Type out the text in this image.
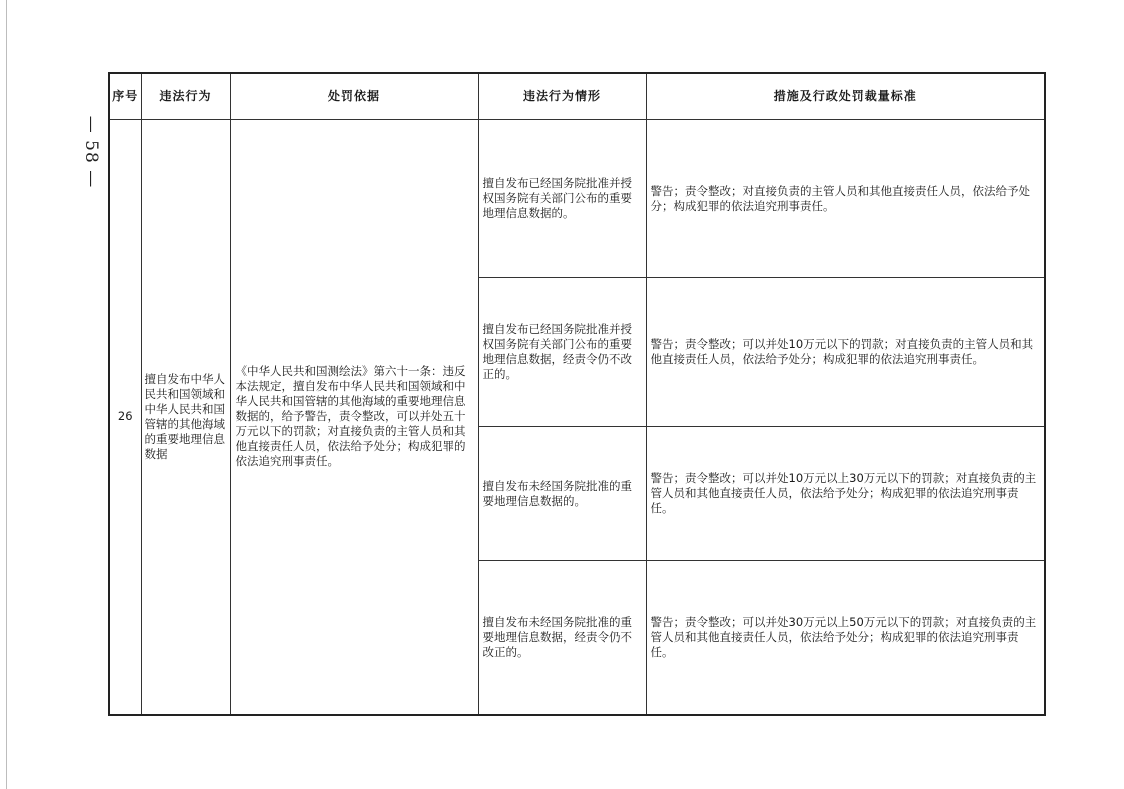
— 58 —
序号	违法行为	处罚依据	违法行为情形	措施及行政处罚裁量标准
26	擅自发布中华人民共和国领域和中华人民共和国管辖的其他海域的重要地理信息数据	《中华人民共和国测绘法》第六十一条：违反本法规定，擅自发布中华人民共和国领域和中华人民共和国管辖的其他海域的重要地理信息数据的，给予警告，责令整改，可以并处五十万元以下的罚款；对直接负责的主管人员和其他直接责任人员，依法给予处分；构成犯罪的依法追究刑事责任。	擅自发布已经国务院批准并授权国务院有关部门公布的重要地理信息数据的。	警告；责令整改；对直接负责的主管人员和其他直接责任人员，依法给予处分；构成犯罪的依法追究刑事责任。
			擅自发布已经国务院批准并授权国务院有关部门公布的重要地理信息数据，经责令仍不改正的。	警告；责令整改；可以并处10万元以下的罚款；对直接负责的主管人员和其他直接责任人员，依法给予处分；构成犯罪的依法追究刑事责任。
			擅自发布未经国务院批准的重要地理信息数据的。	警告；责令整改；可以并处10万元以上30万元以下的罚款；对直接负责的主管人员和其他直接责任人员，依法给予处分；构成犯罪的依法追究刑事责任。
			擅自发布未经国务院批准的重要地理信息数据，经责令仍不改正的。	警告；责令整改；可以并处30万元以上50万元以下的罚款；对直接负责的主管人员和其他直接责任人员，依法给予处分；构成犯罪的依法追究刑事责任。
